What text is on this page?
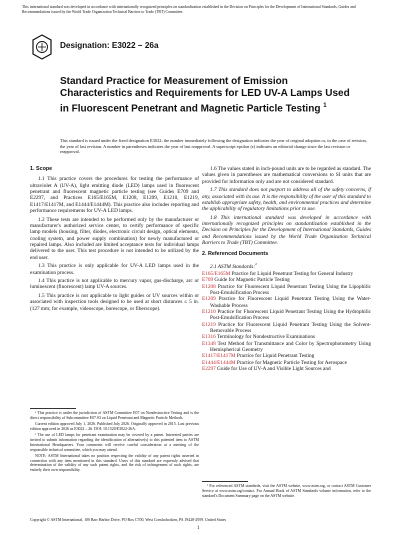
This international standard was developed in accordance with internationally recognized principles on standardization established in the Decision on Principles for the Development of International Standards, Guides and Recommendations issued by the World Trade Organization Technical Barriers to Trade (TBT) Committee.
Designation: E3022 − 26a
Standard Practice for Measurement of Emission Characteristics and Requirements for LED UV-A Lamps Used in Fluorescent Penetrant and Magnetic Particle Testing $^1$
This standard is issued under the fixed designation E3022; the number immediately following the designation indicates the year of original adoption or, in the case of revision, the year of last revision. A number in parentheses indicates the year of last reapproval. A superscript epsilon (ε) indicates an editorial change since the last revision or reapproval.
1. Scope

1.1 This practice covers the procedures for testing the performance of ultraviolet A (UV-A), light emitting diode (LED) lamps used in fluorescent penetrant and fluorescent magnetic particle testing (see Guides E709 and E2297, and Practices E165/E165M, E1208, E1209, E1210, E1219, E1417/E1417M, and E1444/E1444M). This practice also includes reporting and performance requirements for UV-A LED lamps.

1.2 These tests are intended to be performed only by the manufacturer or manufacturer's authorized service center, to certify performance of specific lamp models (housing, filter, diodes, electronic circuit design, optical elements, cooling system, and power supply combination) for newly manufactured or repaired lamps. Also included are limited acceptance tests for individual lamps delivered to the user. This test procedure is not intended to be utilized by the end user.

1.3 This practice is only applicable for UV-A LED lamps used in the examination process.

1.4 This practice is not applicable to mercury vapor, gas-discharge, arc or luminescent (fluorescent) lamp UV-A sources.

1.5 This practice is not applicable to light guides or UV sources within or associated with inspection tools designed to be used at short distances ≤ 5 in. (127 mm; for example, videoscope, borescope, or fiberscope).

¹ This practice is under the jurisdiction of ASTM Committee E07 on Nondestructive Testing and is the direct responsibility of Subcommittee E07.03 on Liquid Penetrant and Magnetic Particle Methods.

Current edition approved July 1, 2026. Published July 2026. Originally approved in 2015. Last previous edition approved in 2026 as E3022 – 26. DOI: 10.1520/E3022-26A.

² The use of LED lamps for penetrant examination may be covered by a patent. Interested parties are invited to submit information regarding the identification of alternative(s) to this patented item to ASTM International Headquarters. Your comments will receive careful consideration at a meeting of the responsible technical committee, which you may attend.

NOTE: ASTM International takes no position respecting the validity of any patent rights asserted in connection with any item mentioned in this standard. Users of this standard are expressly advised that determination of the validity of any such patent rights, and the risk of infringement of such rights, are entirely their own responsibility.

1.6 The values stated in inch-pound units are to be regarded as standard. The values given in parentheses are mathematical conversions to SI units that are provided for information only and are not considered standard.

1.7 This standard does not purport to address all of the safety concerns, if any, associated with its use. It is the responsibility of the user of this standard to establish appropriate safety, health, and environmental practices and determine the applicability of regulatory limitations prior to use.

1.8 This international standard was developed in accordance with internationally recognized principles on standardization established in the Decision on Principles for the Development of International Standards, Guides and Recommendations issued by the World Trade Organization Technical Barriers to Trade (TBT) Committee.

2. Referenced Documents

2.1 ASTM Standards:$^2$

E165/E165M Practice for Liquid Penetrant Testing for General Industry
E709 Guide for Magnetic Particle Testing
E1208 Practice for Fluorescent Liquid Penetrant Testing Using the Lipophilic Post-Emulsification Process
E1209 Practice for Fluorescent Liquid Penetrant Testing Using the Water-Washable Process
E1210 Practice for Fluorescent Liquid Penetrant Testing Using the Hydrophilic Post-Emulsification Process
E1219 Practice for Fluorescent Liquid Penetrant Testing Using the Solvent-Removable Process
E1316 Terminology for Nondestructive Examinations
E1348 Test Method for Transmittance and Color by Spectrophotometry Using Hemispherical Geometry
E1417/E1417M Practice for Liquid Penetrant Testing
E1444/E1444M Practice for Magnetic Particle Testing for Aerospace
E2297 Guide for Use of UV-A and Visible Light Sources and

² For referenced ASTM standards, visit the ASTM website, www.astm.org, or contact ASTM Customer Service at www.astm.org/contact. For Annual Book of ASTM Standards volume information, refer to the standard's Document Summary page on the ASTM website.

Copyright © ASTM International, 100 Barr Harbor Drive, PO Box C700, West Conshohocken, PA 19428-2959. United States
1
